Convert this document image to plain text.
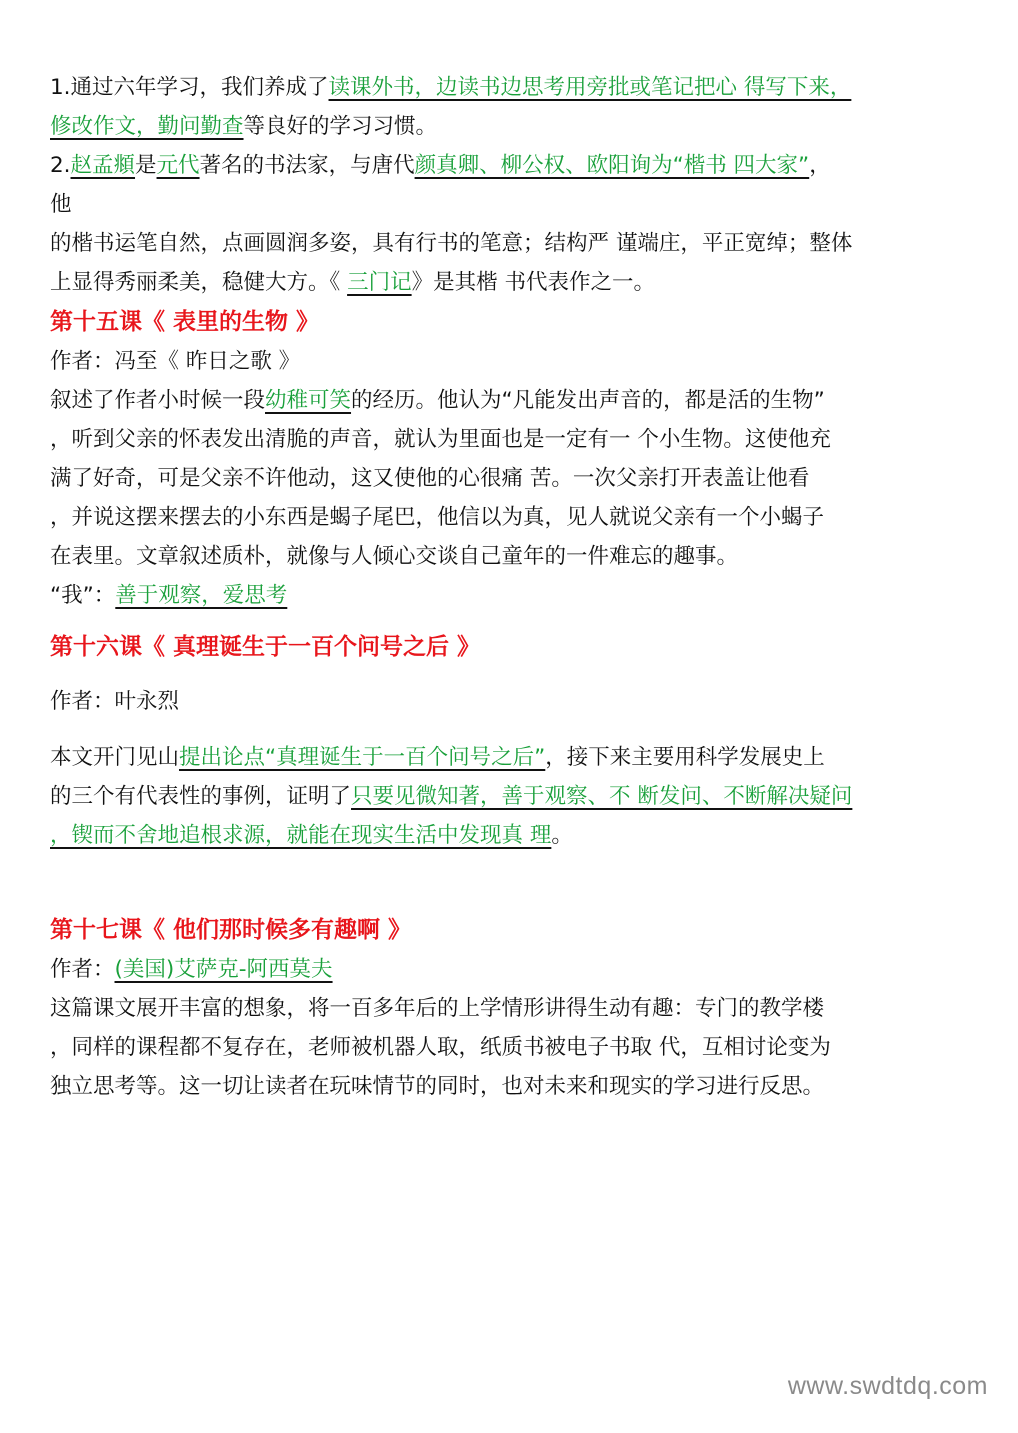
1.通过六年学习，我们养成了读课外书，边读书边思考用旁批或笔记把心 得写下来，
修改作文，勤问勤查等良好的学习习惯。
2.赵孟頫是元代著名的书法家，与唐代颜真卿、柳公权、欧阳询为“楷书 四大家”，
他
的楷书运笔自然，点画圆润多姿，具有行书的笔意；结构严 谨端庄，平正宽绰；整体
上显得秀丽柔美，稳健大方。《 三门记》是其楷 书代表作之一。
第十五课《 表里的生物 》
作者：冯至《 昨日之歌 》
叙述了作者小时候一段幼稚可笑的经历。他认为“凡能发出声音的，都是活的生物”
，听到父亲的怀表发出清脆的声音，就认为里面也是一定有一 个小生物。这使他充
满了好奇，可是父亲不许他动，这又使他的心很痛 苦。一次父亲打开表盖让他看
，并说这摆来摆去的小东西是蝎子尾巴，他信以为真，见人就说父亲有一个小蝎子
在表里。文章叙述质朴，就像与人倾心交谈自己童年的一件难忘的趣事。
“我”：善于观察，爱思考
第十六课《 真理诞生于一百个问号之后 》
作者：叶永烈
本文开门见山提出论点“真理诞生于一百个问号之后”，接下来主要用科学发展史上
的三个有代表性的事例，证明了只要见微知著，善于观察、不 断发问、不断解决疑问
，锲而不舍地追根求源，就能在现实生活中发现真 理。
第十七课《 他们那时候多有趣啊 》
作者：(美国)艾萨克-阿西莫夫
这篇课文展开丰富的想象，将一百多年后的上学情形讲得生动有趣：专门的教学楼
，同样的课程都不复存在，老师被机器人取，纸质书被电子书取 代，互相讨论变为
独立思考等。这一切让读者在玩味情节的同时，也对未来和现实的学习进行反思。
www.swdtdq.com
